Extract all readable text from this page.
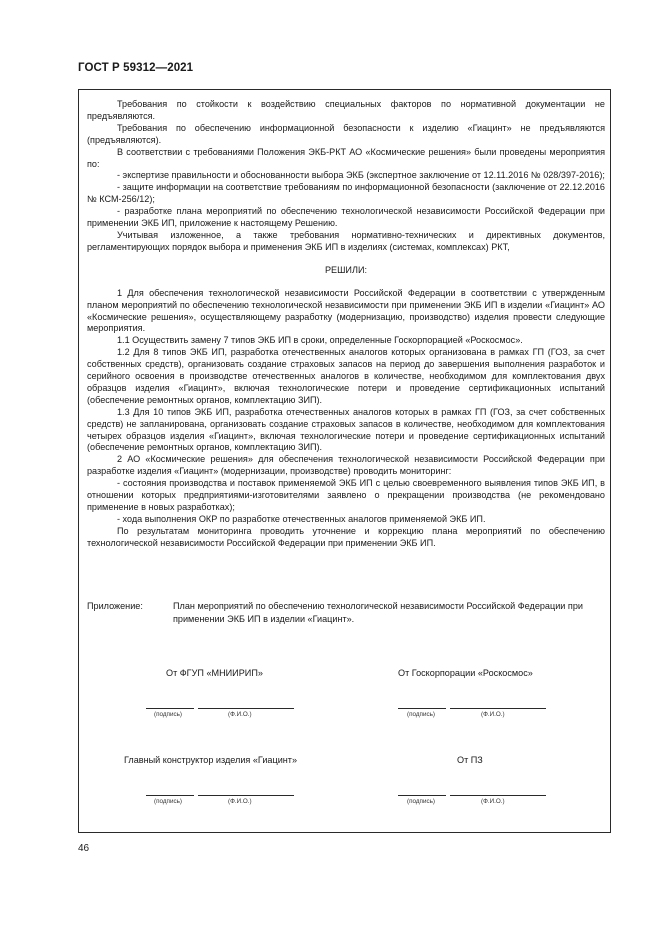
ГОСТ Р 59312—2021

Требования по стойкости к воздействию специальных факторов по нормативной документации не предъявляются.

Требования по обеспечению информационной безопасности к изделию «Гиацинт» не предъявляются (предъявляются).

В соответствии с требованиями Положения ЭКБ-РКТ АО «Космические решения» были проведены мероприятия по:

- экспертизе правильности и обоснованности выбора ЭКБ (экспертное заключение от 12.11.2016 № 028/397-2016);

- защите информации на соответствие требованиям по информационной безопасности (заключение от 22.12.2016 № КСМ-256/12);

- разработке плана мероприятий по обеспечению технологической независимости Российской Федерации при применении ЭКБ ИП, приложение к настоящему Решению.

Учитывая изложенное, а также требования нормативно-технических и директивных документов, регламентирующих порядок выбора и применения ЭКБ ИП в изделиях (системах, комплексах) РКТ,

РЕШИЛИ:

1 Для обеспечения технологической независимости Российской Федерации в соответствии с утвержденным планом мероприятий по обеспечению технологической независимости при применении ЭКБ ИП в изделии «Гиацинт» АО «Космические решения», осуществляющему разработку (модернизацию, производство) изделия провести следующие мероприятия.

1.1 Осуществить замену 7 типов ЭКБ ИП в сроки, определенные Госкорпорацией «Роскосмос».

1.2 Для 8 типов ЭКБ ИП, разработка отечественных аналогов которых организована в рамках ГП (ГОЗ, за счет собственных средств), организовать создание страховых запасов на период до завершения выполнения разработок и серийного освоения в производстве отечественных аналогов в количестве, необходимом для комплектования двух образцов изделия «Гиацинт», включая технологические потери и проведение сертификационных испытаний (обеспечение ремонтных органов, комплектацию ЗИП).

1.3 Для 10 типов ЭКБ ИП, разработка отечественных аналогов которых в рамках ГП (ГОЗ, за счет собственных средств) не запланирована, организовать создание страховых запасов в количестве, необходимом для комплектования четырех образцов изделия «Гиацинт», включая технологические потери и проведение сертификационных испытаний (обеспечение ремонтных органов, комплектацию ЗИП).

2 АО «Космические решения» для обеспечения технологической независимости Российской Федерации при разработке изделия «Гиацинт» (модернизации, производстве) проводить мониторинг:

- состояния производства и поставок применяемой ЭКБ ИП с целью своевременного выявления типов ЭКБ ИП, в отношении которых предприятиями-изготовителями заявлено о прекращении производства (не рекомендовано применение в новых разработках);

- хода выполнения ОКР по разработке отечественных аналогов применяемой ЭКБ ИП.

По результатам мониторинга проводить уточнение и коррекцию плана мероприятий по обеспечению технологической независимости Российской Федерации при применении ЭКБ ИП.

Приложение:	План мероприятий по обеспечению технологической независимости Российской Федерации при применении ЭКБ ИП в изделии «Гиацинт».
От ФГУП «МНИИРИП»	От Госкорпорации «Роскосмос»
(подпись)	(Ф.И.О.)	(подпись)	(Ф.И.О.)
Главный конструктор изделия «Гиацинт»	От ПЗ
(подпись)	(Ф.И.О.)	(подпись)	(Ф.И.О.)
46
